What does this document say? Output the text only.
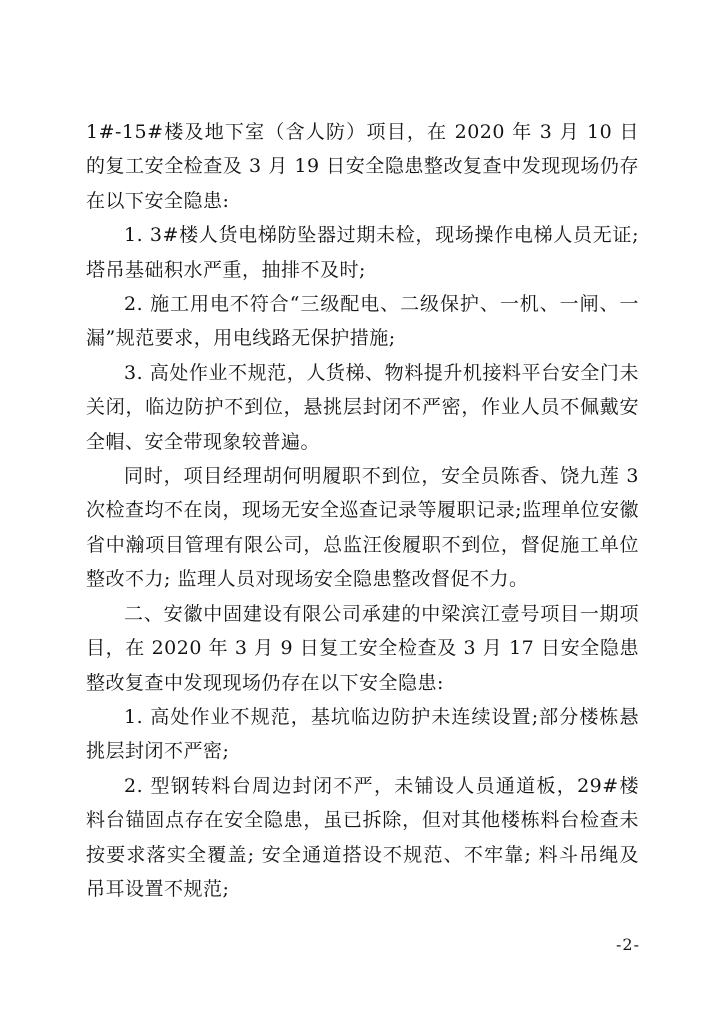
1#-15#楼及地下室（含人防）项目，在 2020 年 3 月 10 日的复工安全检查及 3 月 19 日安全隐患整改复查中发现现场仍存在以下安全隐患:

1. 3#楼人货电梯防坠器过期未检，现场操作电梯人员无证;塔吊基础积水严重，抽排不及时;

2. 施工用电不符合“三级配电、二级保护、一机、一闸、一漏”规范要求，用电线路无保护措施;

3. 高处作业不规范，人货梯、物料提升机接料平台安全门未关闭，临边防护不到位，悬挑层封闭不严密，作业人员不佩戴安全帽、安全带现象较普遍。

同时，项目经理胡何明履职不到位，安全员陈香、饶九莲 3 次检查均不在岗，现场无安全巡查记录等履职记录;监理单位安徽省中瀚项目管理有限公司，总监汪俊履职不到位，督促施工单位整改不力; 监理人员对现场安全隐患整改督促不力。

二、安徽中固建设有限公司承建的中梁滨江壹号项目一期项目，在 2020 年 3 月 9 日复工安全检查及 3 月 17 日安全隐患整改复查中发现现场仍存在以下安全隐患:

1. 高处作业不规范，基坑临边防护未连续设置;部分楼栋悬挑层封闭不严密;

2. 型钢转料台周边封闭不严，未铺设人员通道板，29#楼料台锚固点存在安全隐患，虽已拆除，但对其他楼栋料台检查未按要求落实全覆盖; 安全通道搭设不规范、不牢靠; 料斗吊绳及吊耳设置不规范;

-2-
